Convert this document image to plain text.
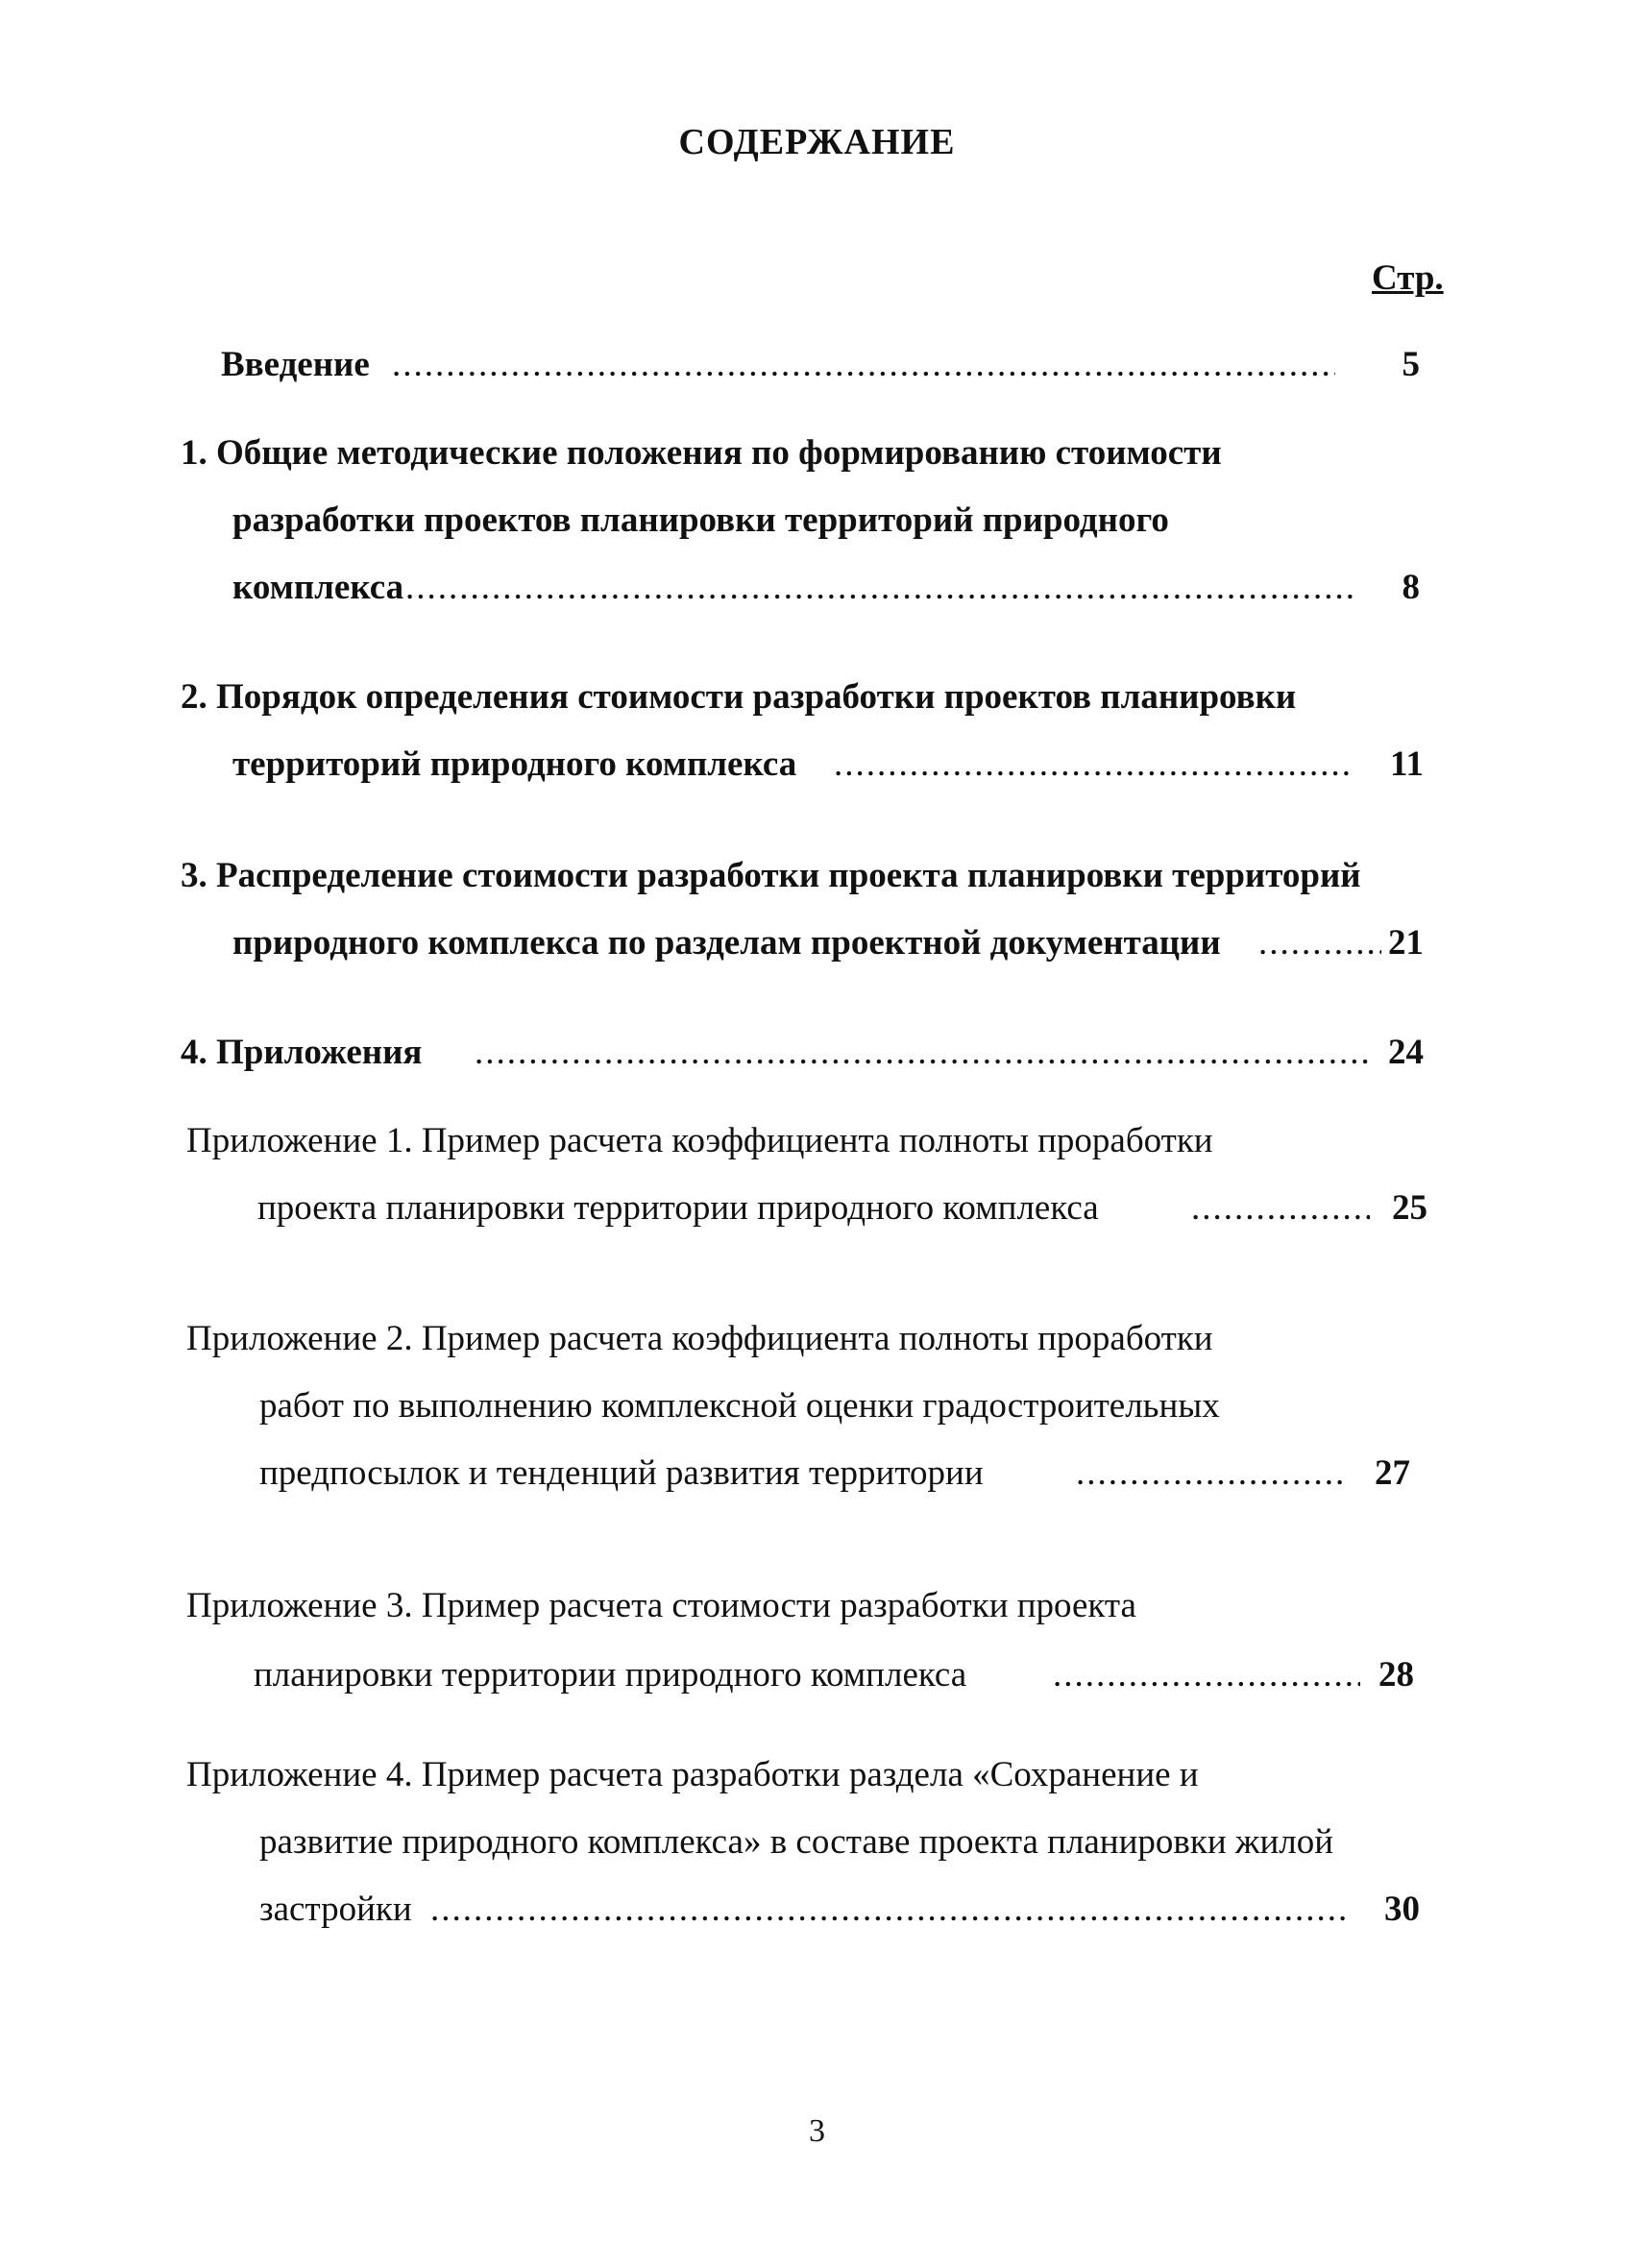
СОДЕРЖАНИЕ
Стр.
Введение .....	5
1. Общие методические положения по формированию стоимости
разработки проектов планировки территорий природного
комплекса .....	8
2. Порядок определения стоимости разработки проектов планировки
территорий природного комплекса .....	11
3. Распределение стоимости разработки проекта планировки территорий
природного комплекса по разделам проектной документации .....	21
4. Приложения .....	24
Приложение 1. Пример расчета коэффициента полноты проработки
проекта планировки территории природного комплекса .....	25
Приложение 2. Пример расчета коэффициента полноты проработки
работ по выполнению комплексной оценки градостроительных
предпосылок и тенденций развития территории .....	27
Приложение 3. Пример расчета стоимости разработки проекта
планировки территории природного комплекса .....	28
Приложение 4. Пример расчета разработки раздела «Сохранение и
развитие природного комплекса» в составе проекта планировки жилой
застройки .....	30
3
